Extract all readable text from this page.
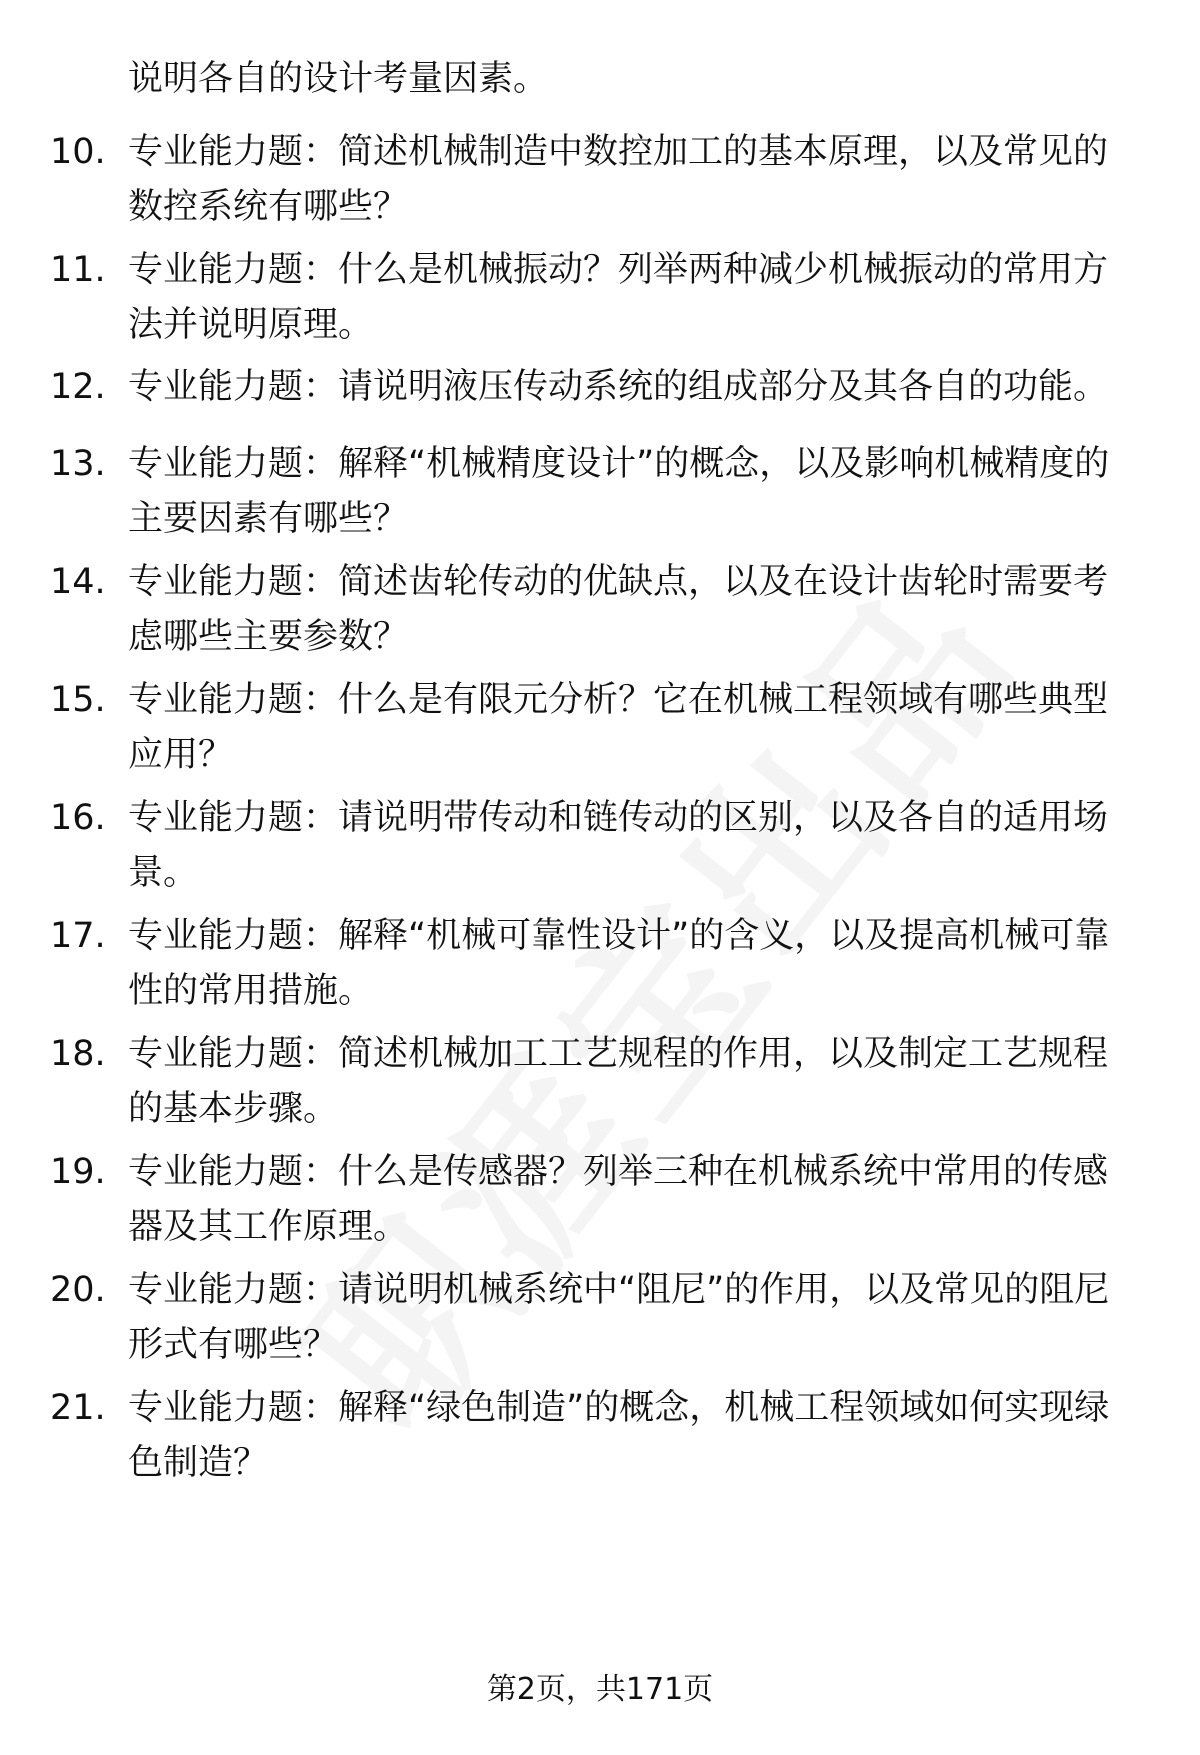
说明各自的设计考量因素。
10. 专业能力题：简述机械制造中数控加工的基本原理，以及常见的数控系统有哪些？
11. 专业能力题：什么是机械振动？列举两种减少机械振动的常用方法并说明原理。
12. 专业能力题：请说明液压传动系统的组成部分及其各自的功能。
13. 专业能力题：解释“机械精度设计”的概念，以及影响机械精度的主要因素有哪些？
14. 专业能力题：简述齿轮传动的优缺点，以及在设计齿轮时需要考虑哪些主要参数？
15. 专业能力题：什么是有限元分析？它在机械工程领域有哪些典型应用？
16. 专业能力题：请说明带传动和链传动的区别，以及各自的适用场景。
17. 专业能力题：解释“机械可靠性设计”的含义，以及提高机械可靠性的常用措施。
18. 专业能力题：简述机械加工工艺规程的作用，以及制定工艺规程的基本步骤。
19. 专业能力题：什么是传感器？列举三种在机械系统中常用的传感器及其工作原理。
20. 专业能力题：请说明机械系统中“阻尼”的作用，以及常见的阻尼形式有哪些？
21. 专业能力题：解释“绿色制造”的概念，机械工程领域如何实现绿色制造？
第2页，共171页
